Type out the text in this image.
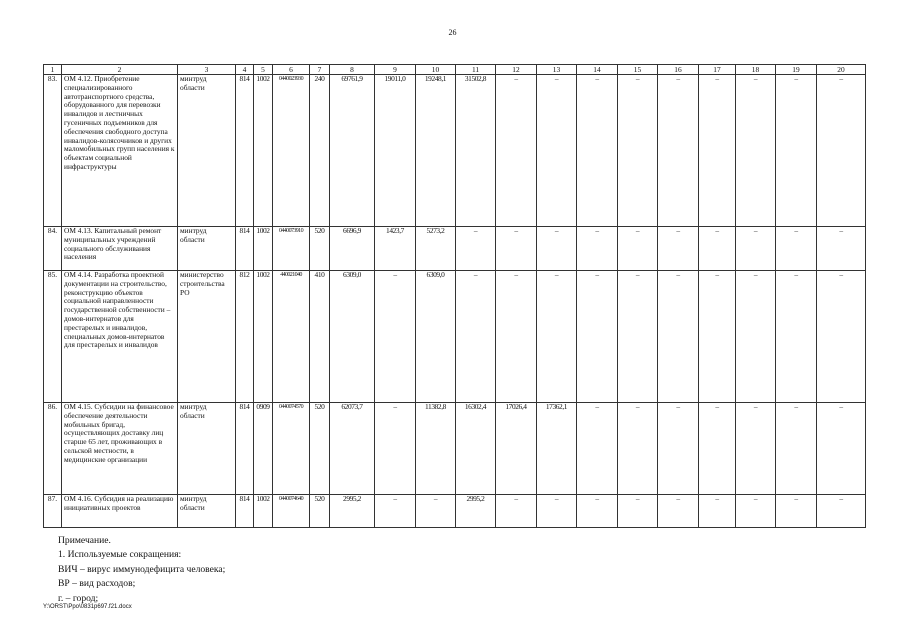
26
1	2	3	4	5	6	7	8	9	10	11	12	13	14	15	16	17	18	19	20
83.	ОМ 4.12. Приобретение специализированного автотранспортного средства, оборудованного для перевозки инвалидов и лестничных гусеничных подъемников для обеспечения свободного доступа инвалидов-колясочников и других маломобильных групп населения к объектам социальной инфраструктуры	минтруд области	814	1002	0440023930	240	69761,9	19011,0	19248,1	31502,8	–	–	–	–	–	–	–	–	–
84.	ОМ 4.13. Капитальный ремонт муниципальных учреждений социального обслуживания населения	минтруд области	814	1002	0440073910	520	6696,9	1423,7	5273,2	–	–	–	–	–	–	–	–	–	–
85.	ОМ 4.14. Разработка проектной документации на строительство, реконструкцию объектов социальной направленности государственной собственности – домов-интернатов для престарелых и инвалидов, специальных домов-интернатов для престарелых и инвалидов	министерство строительства РО	812	1002	440021040	410	6309,0	–	6309,0	–	–	–	–	–	–	–	–	–	–
86.	ОМ 4.15. Субсидии на финансовое обеспечение деятельности мобильных бригад, осуществляющих доставку лиц старше 65 лет, проживающих в сельской местности, в медицинские организации	минтруд области	814	0909	0440074570	520	62073,7	–	11382,8	16302,4	17026,4	17362,1	–	–	–	–	–	–	–
87.	ОМ 4.16. Субсидия на реализацию инициативных проектов	минтруд области	814	1002	0440074640	520	2995,2	–	–	2995,2	–	–	–	–	–	–	–	–	–
Примечание.
1. Используемые сокращения:
ВИЧ – вирус иммунодефицита человека;
ВР – вид расходов;
г. – город;
Y:\ORST\Ppo\0831p697.f21.docx
